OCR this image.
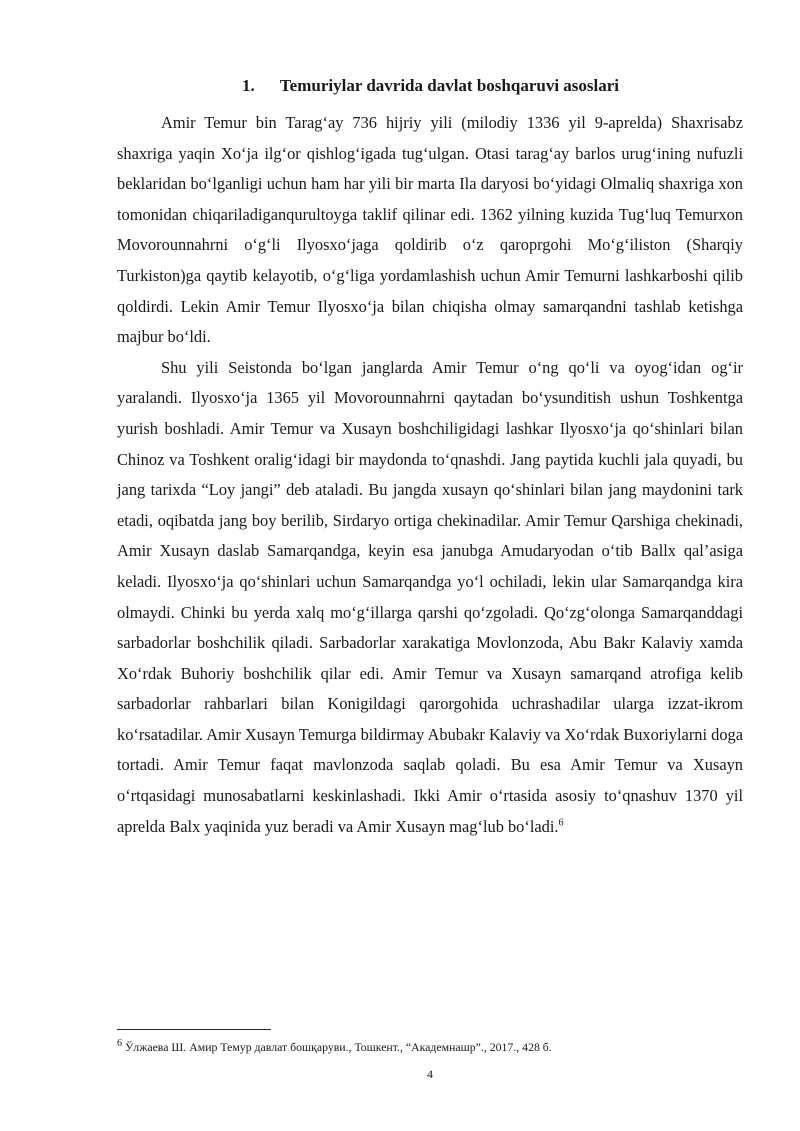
1. Temuriylar davrida davlat boshqaruvi asoslari

Amir Temur bin Tarag‘ay 736 hijriy yili (milodiy 1336 yil 9-aprelda) Shaxrisabz shaxriga yaqin Xo‘ja ilg‘or qishlog‘igada tug‘ulgan. Otasi tarag‘ay barlos urug‘ining nufuzli beklaridan bo‘lganligi uchun ham har yili bir marta Ila daryosi bo‘yidagi Olmaliq shaxriga xon tomonidan chiqariladiganqurultoyga taklif qilinar edi. 1362 yilning kuzida Tug‘luq Temurxon Movorounnahrni o‘g‘li Ilyosxo‘jaga qoldirib o‘z qaroprgohi Mo‘g‘iliston (Sharqiy Turkiston)ga qaytib kelayotib, o‘g‘liga yordamlashish uchun Amir Temurni lashkarboshi qilib qoldirdi. Lekin Amir Temur Ilyosxo‘ja bilan chiqisha olmay samarqandni tashlab ketishga majbur bo‘ldi.

Shu yili Seistonda bo‘lgan janglarda Amir Temur o‘ng qo‘li va oyog‘idan og‘ir yaralandi. Ilyosxo‘ja 1365 yil Movorounnahrni qaytadan bo‘ysunditish ushun Toshkentga yurish boshladi. Amir Temur va Xusayn boshchiligidagi lashkar Ilyosxo‘ja qo‘shinlari bilan Chinoz va Toshkent oralig‘idagi bir maydonda to‘qnashdi. Jang paytida kuchli jala quyadi, bu jang tarixda “Loy jangi” deb ataladi. Bu jangda xusayn qo‘shinlari bilan jang maydonini tark etadi, oqibatda jang boy berilib, Sirdaryo ortiga chekinadilar. Amir Temur Qarshiga chekinadi, Amir Xusayn daslab Samarqandga, keyin esa janubga Amudaryodan o‘tib Ballx qal’asiga keladi. Ilyosxo‘ja qo‘shinlari uchun Samarqandga yo‘l ochiladi, lekin ular Samarqandga kira olmaydi. Chinki bu yerda xalq mo‘g‘illarga qarshi qo‘zgoladi. Qo‘zg‘olonga Samarqanddagi sarbadorlar boshchilik qiladi. Sarbadorlar xarakatiga Movlonzoda, Abu Bakr Kalaviy xamda Xo‘rdak Buhoriy boshchilik qilar edi. Amir Temur va Xusayn samarqand atrofiga kelib sarbadorlar rahbarlari bilan Konigildagi qarorgohida uchrashadilar ularga izzat-ikrom ko‘rsatadilar. Amir Xusayn Temurga bildirmay Abubakr Kalaviy va Xo‘rdak Buxoriylarni doga tortadi. Amir Temur faqat mavlonzoda saqlab qoladi. Bu esa Amir Temur va Xusayn o‘rtqasidagi munosabatlarni keskinlashadi. Ikki Amir o‘rtasida asosiy to‘qnashuv 1370 yil aprelda Balx yaqinida yuz beradi va Amir Xusayn mag‘lub bo‘ladi.$^6$

$^6$ Ўлжаева Ш. Амир Темур давлат бошқаруви., Тошкент., “Академнашр”., 2017., 428 б.
4
